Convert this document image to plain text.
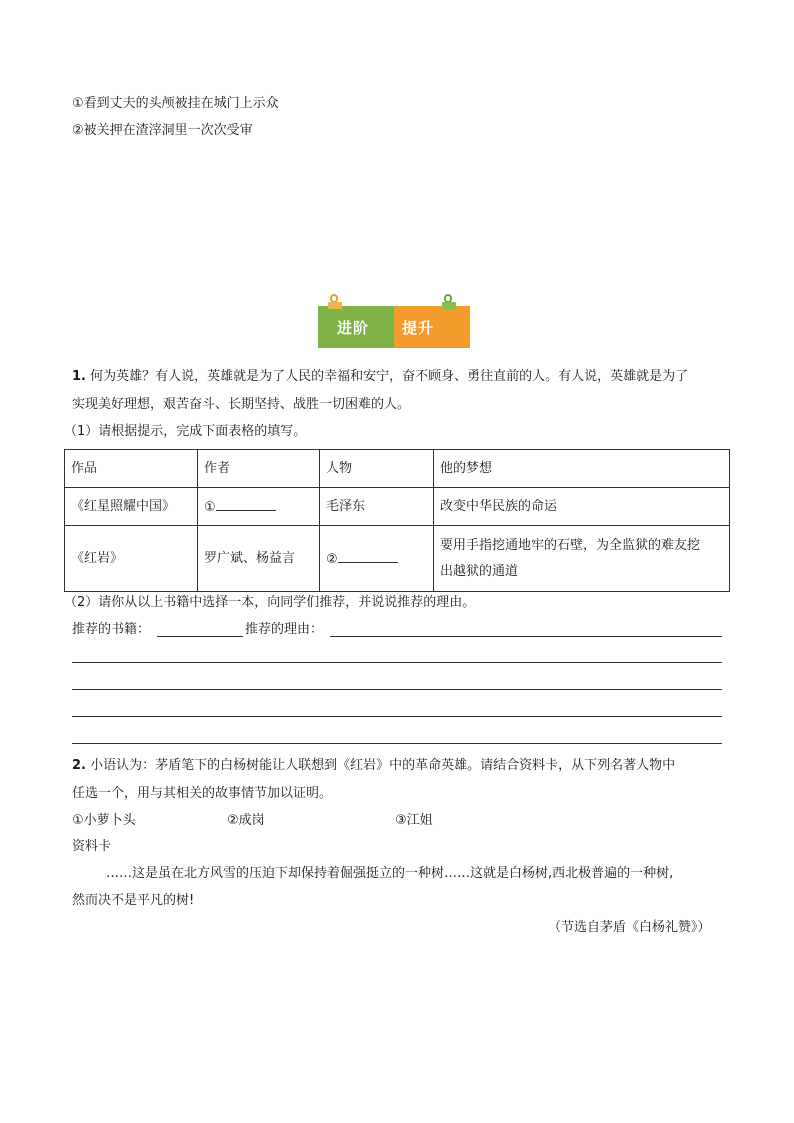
①看到丈夫的头颅被挂在城门上示众
②被关押在渣滓洞里一次次受审
进阶 提升
1. 何为英雄？有人说，英雄就是为了人民的幸福和安宁，奋不顾身、勇往直前的人。有人说，英雄就是为了
实现美好理想，艰苦奋斗、长期坚持、战胜一切困难的人。
（1）请根据提示，完成下面表格的填写。
作品	作者	人物	他的梦想
《红星照耀中国》	①	毛泽东	改变中华民族的命运
《红岩》	罗广斌、杨益言	②	要用手指挖通地牢的石壁，为全监狱的难友挖
出越狱的通道
（2）请你从以上书籍中选择一本，向同学们推荐，并说说推荐的理由。
推荐的书籍：	推荐的理由：
2. 小语认为：茅盾笔下的白杨树能让人联想到《红岩》中的革命英雄。请结合资料卡，从下列名著人物中
任选一个，用与其相关的故事情节加以证明。
①小萝卜头	②成岗	③江姐
资料卡
……这是虽在北方风雪的压迫下却保持着倔强挺立的一种树……这就是白杨树,西北极普遍的一种树,
然而决不是平凡的树!
（节选自茅盾《白杨礼赞》）
